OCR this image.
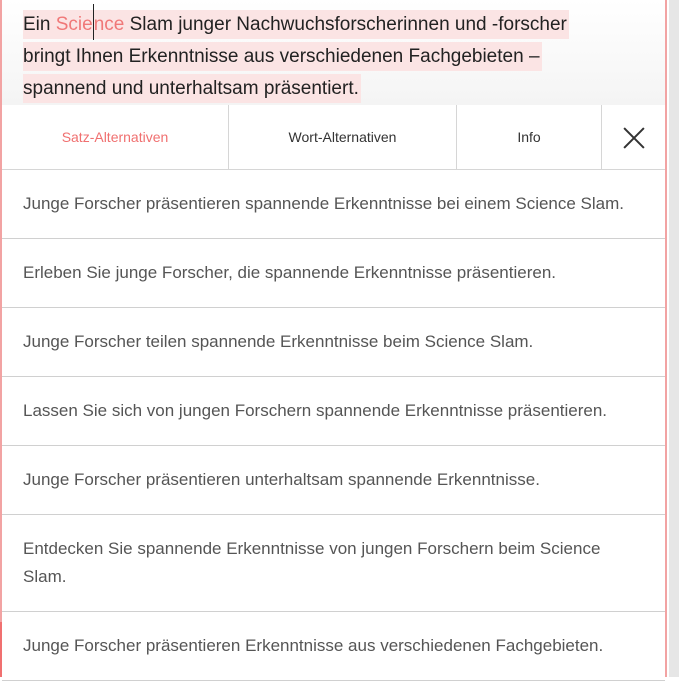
Ein Science Slam junger Nachwuchsforscherinnen und -forscher
bringt Ihnen Erkenntnisse aus verschiedenen Fachgebieten –
spannend und unterhaltsam präsentiert.
Satz-Alternativen	Wort-Alternativen	Info
Junge Forscher präsentieren spannende Erkenntnisse bei einem Science Slam.
Erleben Sie junge Forscher, die spannende Erkenntnisse präsentieren.
Junge Forscher teilen spannende Erkenntnisse beim Science Slam.
Lassen Sie sich von jungen Forschern spannende Erkenntnisse präsentieren.
Junge Forscher präsentieren unterhaltsam spannende Erkenntnisse.
Entdecken Sie spannende Erkenntnisse von jungen Forschern beim Science Slam.
Junge Forscher präsentieren Erkenntnisse aus verschiedenen Fachgebieten.
